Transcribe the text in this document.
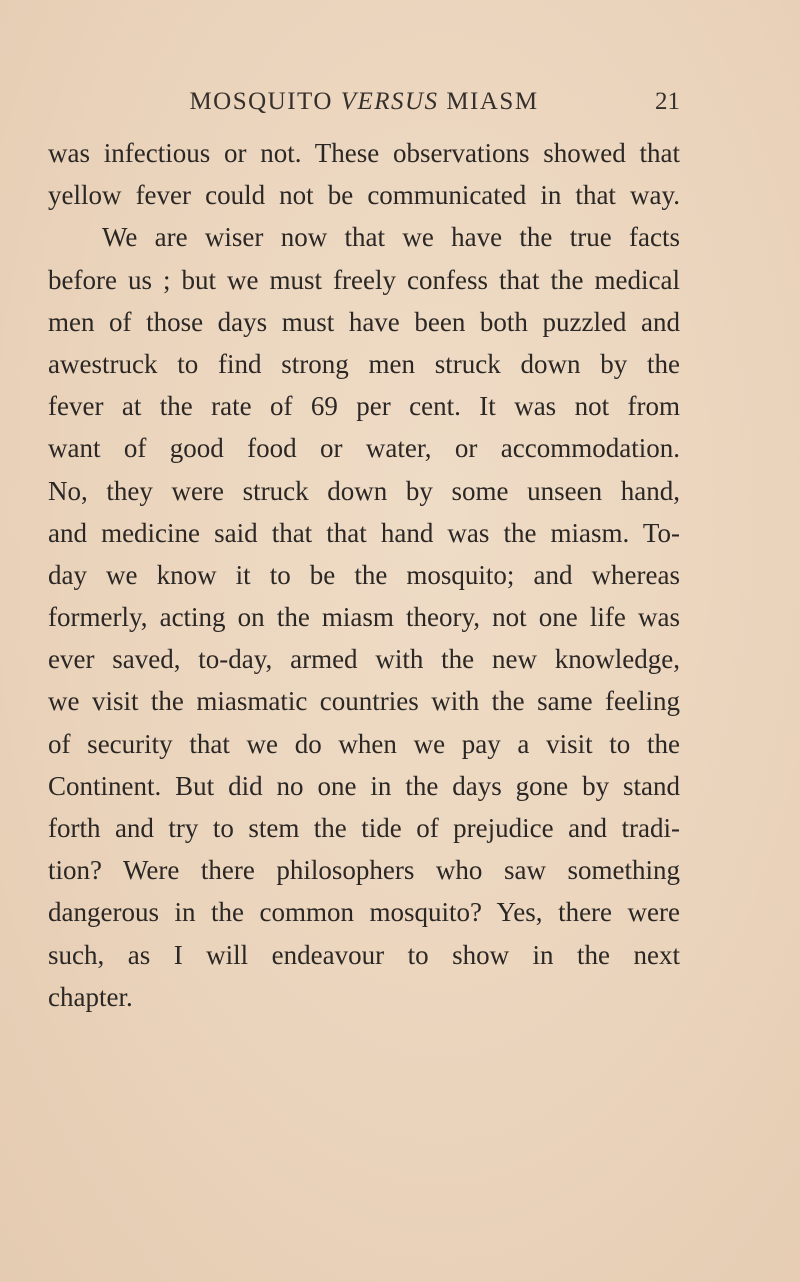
MOSQUITO VERSUS MIASM	21
was infectious or not. These observations showed that
yellow fever could not be communicated in that way.
We are wiser now that we have the true facts
before us ; but we must freely confess that the medical
men of those days must have been both puzzled and
awestruck to find strong men struck down by the
fever at the rate of 69 per cent. It was not from
want of good food or water, or accommodation.
No, they were struck down by some unseen hand,
and medicine said that that hand was the miasm. To-
day we know it to be the mosquito; and whereas
formerly, acting on the miasm theory, not one life was
ever saved, to-day, armed with the new knowledge,
we visit the miasmatic countries with the same feeling
of security that we do when we pay a visit to the
Continent. But did no one in the days gone by stand
forth and try to stem the tide of prejudice and tradi-
tion? Were there philosophers who saw something
dangerous in the common mosquito? Yes, there were
such, as I will endeavour to show in the next
chapter.
